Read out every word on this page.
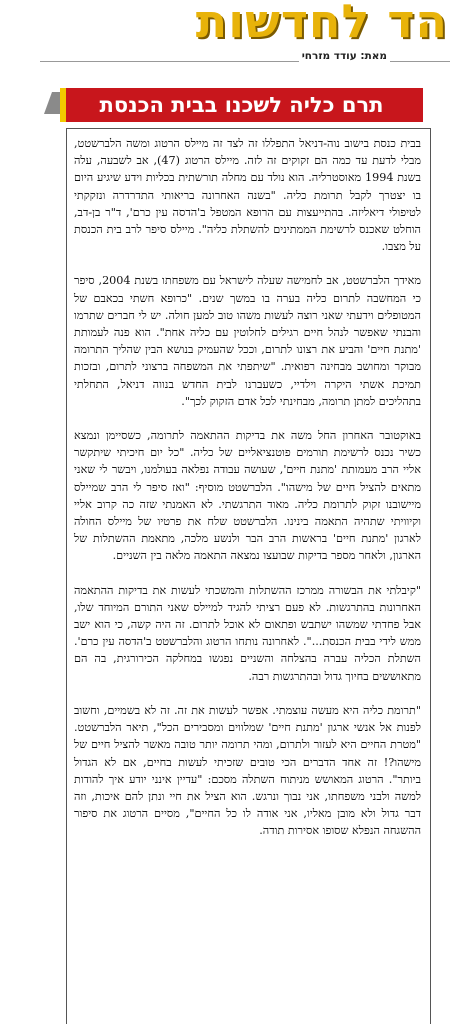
הד לחדשות
מאת: עודד מזרחי
תרם כליה לשכנו בבית הכנסת

בבית כנסת בישוב נוה-דניאל התפללו זה לצד זה מיילס הרטוג ומשה הלברשטט, מבלי לדעת עד כמה הם זקוקים זה לזה. מיילס הרטוג (47), אב לשבעה, עלה בשנת 1994 מאוסטרליה. הוא נולד עם מחלה תורשתית בכליות וידע שיגיע היום בו יצטרך לקבל תרומת כליה. "בשנה האחרונה בריאותי התדרדרה ונזקקתי לטיפולי דיאליזה. בהתייעצות עם הרופא המטפל ב'הדסה עין כרם', ד"ר בן-דב, הוחלט שאכנס לרשימת הממתינים להשתלת כליה". מיילס סיפר לרב בית הכנסת על מצבו.

מאידך הלברשטט, אב לחמישה שעלה לישראל עם משפחתו בשנת 2004, סיפר כי המחשבה לתרום כליה בערה בו במשך שנים. "כרופא חשתי בכאבם של המטופלים וידעתי שאני רוצה לעשות משהו טוב למען חולה. יש לי חברים שתרמו והבנתי שאפשר לנהל חיים רגילים לחלוטין עם כליה אחת". הוא פנה לעמותת 'מתנת חיים' והביע את רצונו לתרום, וככל שהעמיק בנושא הבין שהליך התרומה מבוקר ומחושב מבחינה רפואית. "שיתפתי את המשפחה ברצוני לתרום, ובזכות תמיכת אשתי היקרה וילדיי, כשעברנו לבית החדש בנווה דניאל, התחלתי בתהליכים למתן תרומה, מבחינתי לכל אדם הזקוק לכך".

באוקטובר האחרון החל משה את בדיקות ההתאמה לתרומה, כשסיימן ונמצא כשיר נכנס לרשימת תורמים פוטנציאליים של כליה. "כל יום חיכיתי שיתקשר אליי הרב מעמותת 'מתנת חיים', שעושה עבודה נפלאה בעולמנו, ויבשר לי שאני מתאים להציל חיים של מישהו". הלברשטט מוסיף: "ואז סיפר לי הרב שמיילס מיישובנו זקוק לתרומת כליה. מאוד התרגשתי. לא האמנתי שזה כה קרוב אליי וקיוויתי שתהיה התאמה בינינו. הלברשטט שלח את פרטיו של מיילס החולה לארגון 'מתנת חיים' בראשות הרב הבר ולנשע מלכה, מתאמת ההשתלות של הארגון, ולאחר מספר בדיקות שבועצו נמצאה התאמה מלאה בין השניים.

"קיבלתי את הבשורה ממרכז ההשתלות והמשכתי לעשות את בדיקות ההתאמה האחרונות בהתרגשות. לא פעם רציתי להגיד למיילס שאני התורם המיוחד שלו, אבל פחדתי שמשהו ישתבש ופתאום לא אוכל לתרום. זה היה קשה, כי הוא ישב ממש לידי בבית הכנסת...". לאחרונה נותחו הרטוג והלברשטט ב'הדסה עין כרם'. השתלת הכליה עברה בהצלחה והשניים נפגשו במחלקה הכירורגית, בה הם מתאוששים בחיוך גדול ובהתרגשות רבה.

"תרומת כליה היא מעשה עוצמתי. אפשר לעשות את זה. זה לא בשמיים, וחשוב לפנות אל אנשי ארגון 'מתנת חיים' שמלווים ומסבירים הכל", תיאר הלברשטט. "מטרת החיים היא לעזור ולתרום, ומהי תרומה יותר טובה מאשר להציל חיים של מישהו?! זה אחד הדברים הכי טובים שזכיתי לעשות בחיים, אם לא הגדול ביותר". הרטוג המאושש מניתוח השתלה מסכם: "עדיין אינני יודע איך להודות למשה ולבני משפחתו, אני נבוך ונרגש. הוא הציל את חיי ונתן להם איכות, וזה דבר גדול ולא מובן מאליו, אני אודה לו כל החיים", מסיים הרטוג את סיפור ההשגחה הנפלא שסופו אסירות תודה.
